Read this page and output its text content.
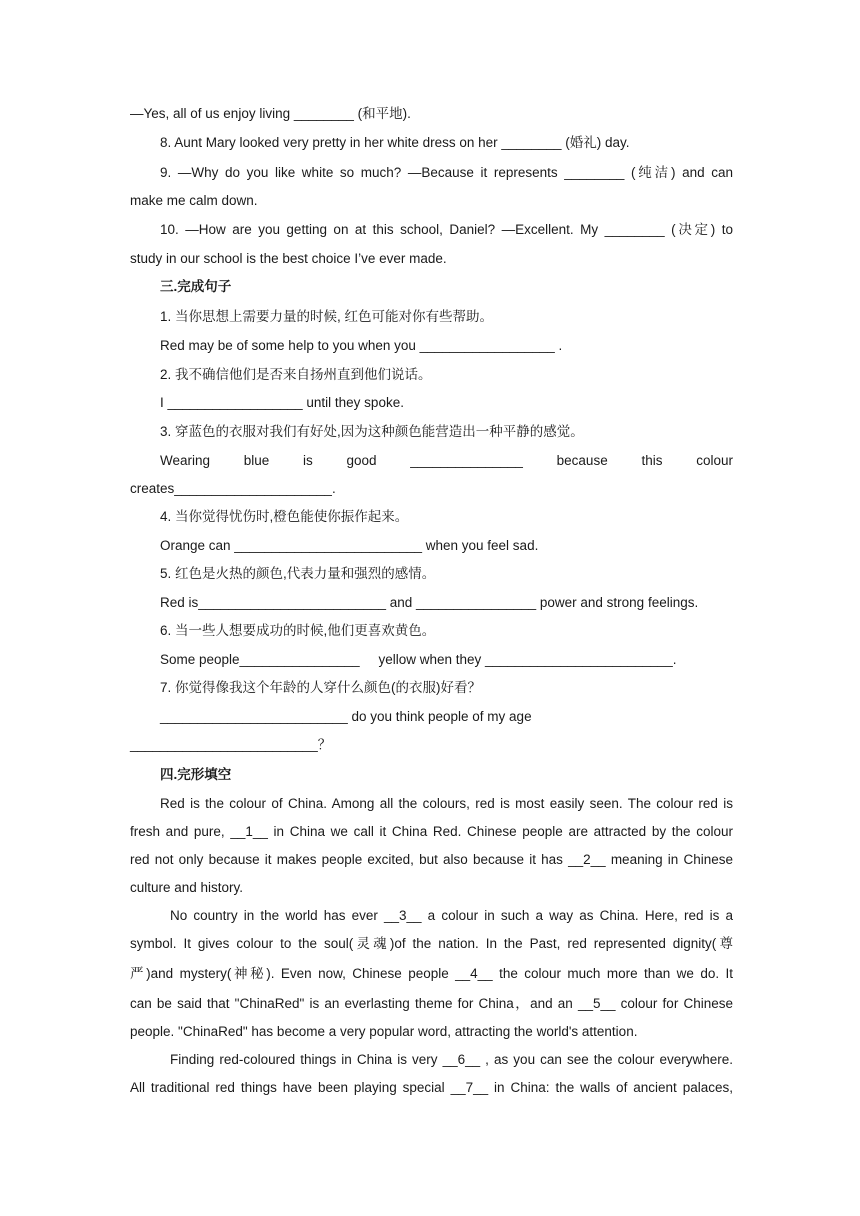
—Yes, all of us enjoy living ________ (和平地).
8. Aunt Mary looked very pretty in her white dress on her ________ (婚礼) day.
9. —Why do you like white so much? —Because it represents ________ (纯洁) and can
make me calm down.
10. —How are you getting on at this school, Daniel? —Excellent. My ________ (决定) to
study in our school is the best choice I’ve ever made.
三.完成句子
1. 当你思想上需要力量的时候, 红色可能对你有些帮助。
Red may be of some help to you when you __________________ .
2. 我不确信他们是否来自扬州直到他们说话。
I __________________ until they spoke.
3. 穿蓝色的衣服对我们有好处,因为这种颜色能营造出一种平静的感觉。
Wearing blue is good _______________ because this colour
creates_____________________.
4. 当你觉得忧伤时,橙色能使你振作起来。
Orange can _________________________ when you feel sad.
5. 红色是火热的颜色,代表力量和强烈的感情。
Red is_________________________ and ________________ power and strong feelings.
6. 当一些人想要成功的时候,他们更喜欢黄色。
Some people________________     yellow when they _________________________.
7. 你觉得像我这个年龄的人穿什么颜色(的衣服)好看？
_________________________ do you think people of my age
_________________________？
四.完形填空
Red is the colour of China. Among all the colours, red is most easily seen. The colour red is
fresh and pure, __1__ in China we call it China Red. Chinese people are attracted by the colour
red not only because it makes people excited, but also because it has __2__ meaning in Chinese
culture and history.
No country in the world has ever __3__ a colour in such a way as China. Here, red is a
symbol. It gives colour to the soul(灵魂)of the nation. In the Past, red represented dignity(尊
严)and mystery(神秘). Even now, Chinese people __4__ the colour much more than we do. It
can be said that "ChinaRed" is an everlasting theme for China，and an __5__ colour for Chinese
people. "ChinaRed" has become a very popular word, attracting the world's attention.
Finding red-coloured things in China is very __6__ , as you can see the colour everywhere.
All traditional red things have been playing special __7__ in China: the walls of ancient palaces,
